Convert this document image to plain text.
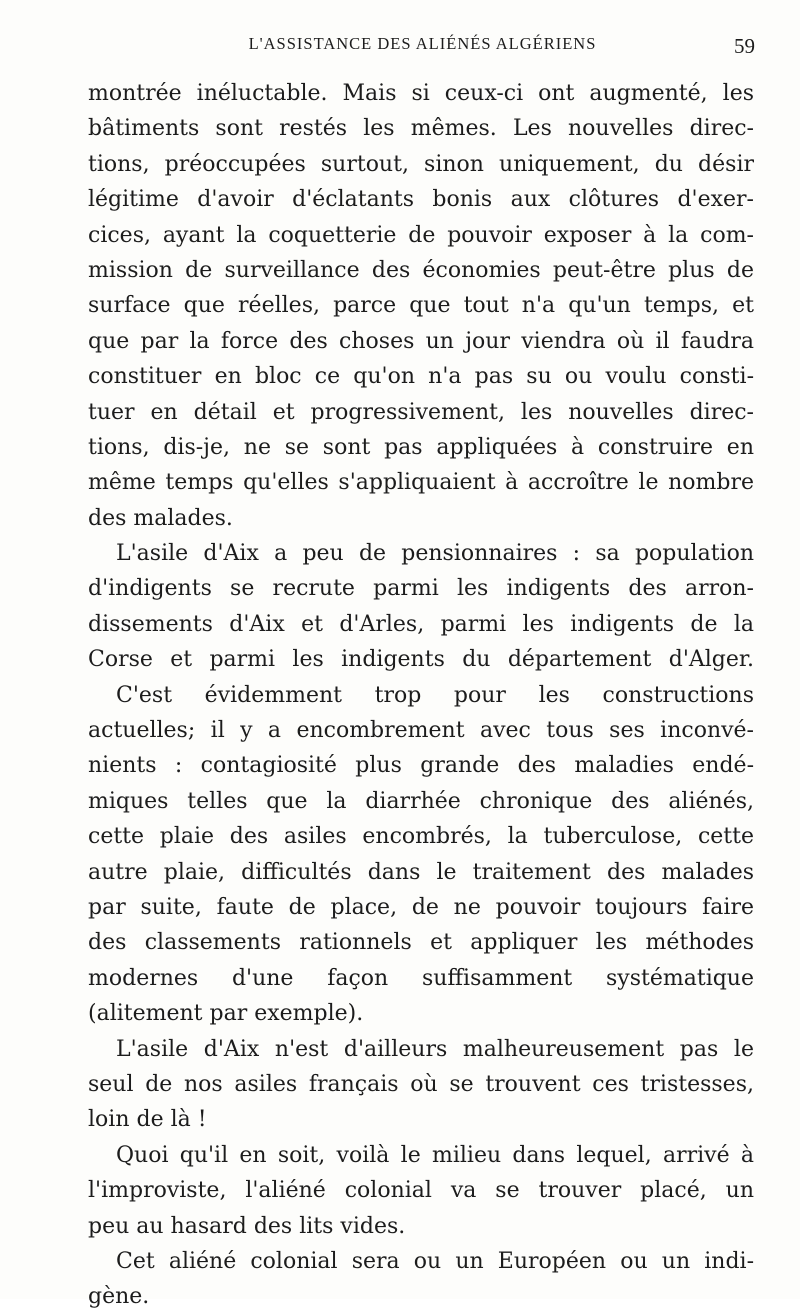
L'ASSISTANCE DES ALIÉNÉS ALGÉRIENS	59
montrée inéluctable. Mais si ceux-ci ont augmenté, les
bâtiments sont restés les mêmes. Les nouvelles direc-
tions, préoccupées surtout, sinon uniquement, du désir
légitime d'avoir d'éclatants bonis aux clôtures d'exer-
cices, ayant la coquetterie de pouvoir exposer à la com-
mission de surveillance des économies peut-être plus de
surface que réelles, parce que tout n'a qu'un temps, et
que par la force des choses un jour viendra où il faudra
constituer en bloc ce qu'on n'a pas su ou voulu consti-
tuer en détail et progressivement, les nouvelles direc-
tions, dis-je, ne se sont pas appliquées à construire en
même temps qu'elles s'appliquaient à accroître le nombre
des malades.
L'asile d'Aix a peu de pensionnaires : sa population
d'indigents se recrute parmi les indigents des arron-
dissements d'Aix et d'Arles, parmi les indigents de la
Corse et parmi les indigents du département d'Alger.
C'est évidemment trop pour les constructions
actuelles; il y a encombrement avec tous ses inconvé-
nients : contagiosité plus grande des maladies endé-
miques telles que la diarrhée chronique des aliénés,
cette plaie des asiles encombrés, la tuberculose, cette
autre plaie, difficultés dans le traitement des malades
par suite, faute de place, de ne pouvoir toujours faire
des classements rationnels et appliquer les méthodes
modernes d'une façon suffisamment systématique
(alitement par exemple).
L'asile d'Aix n'est d'ailleurs malheureusement pas le
seul de nos asiles français où se trouvent ces tristesses,
loin de là !
Quoi qu'il en soit, voilà le milieu dans lequel, arrivé à
l'improviste, l'aliéné colonial va se trouver placé, un
peu au hasard des lits vides.
Cet aliéné colonial sera ou un Européen ou un indi-
gène.
